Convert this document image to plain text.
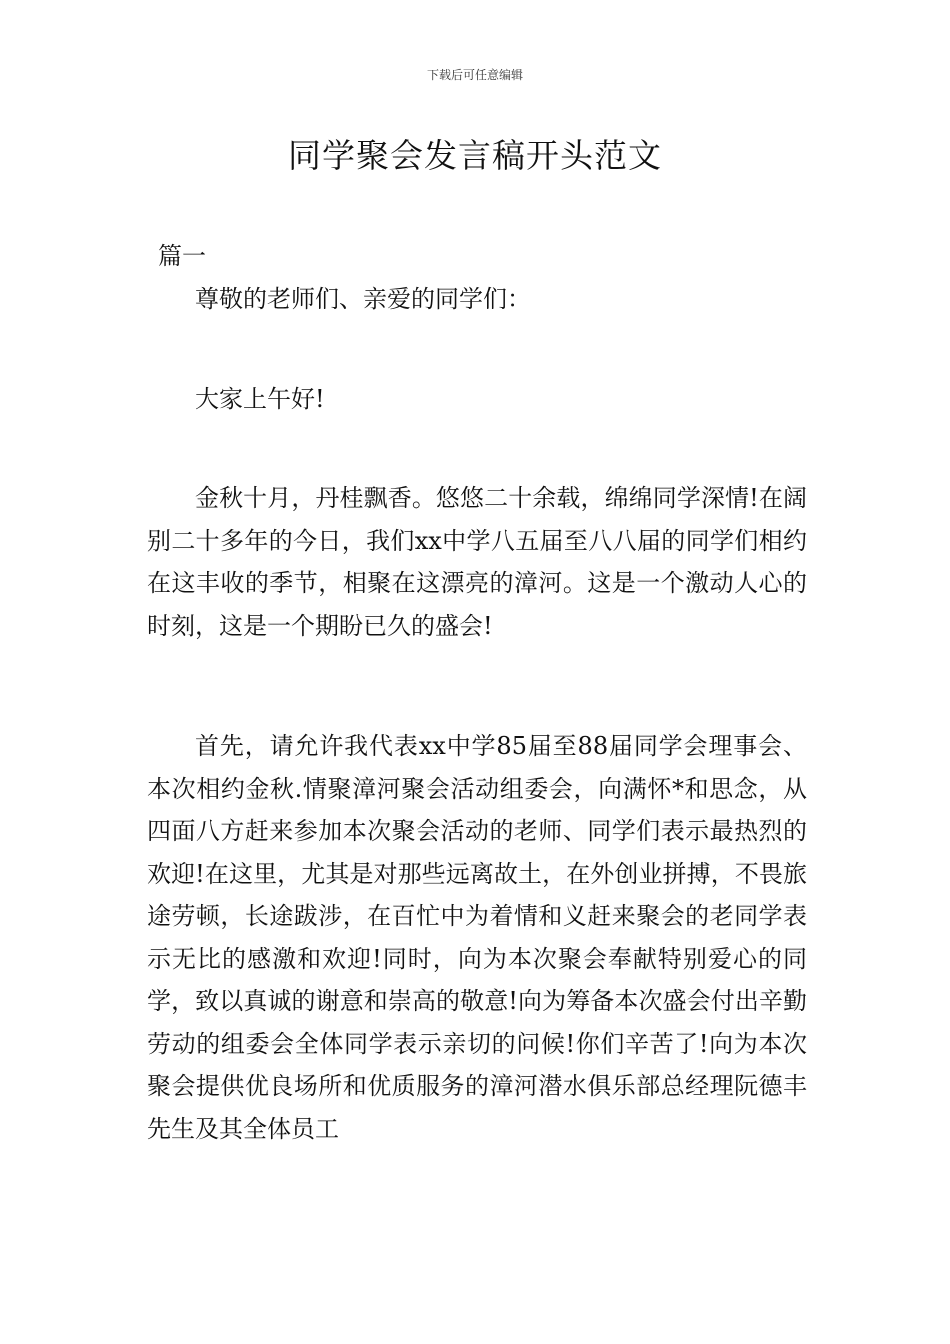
下载后可任意编辑
同学聚会发言稿开头范文
篇一

尊敬的老师们、亲爱的同学们：

大家上午好!

金秋十月，丹桂飘香。悠悠二十余载，绵绵同学深情!在阔别二十多年的今日，我们xx中学八五届至八八届的同学们相约在这丰收的季节，相聚在这漂亮的漳河。这是一个激动人心的时刻，这是一个期盼已久的盛会!

首先，请允许我代表xx中学85届至88届同学会理事会、本次相约金秋.情聚漳河聚会活动组委会，向满怀*和思念，从四面八方赶来参加本次聚会活动的老师、同学们表示最热烈的欢迎!在这里，尤其是对那些远离故土，在外创业拼搏，不畏旅途劳顿，长途跋涉，在百忙中为着情和义赶来聚会的老同学表示无比的感激和欢迎!同时，向为本次聚会奉献特别爱心的同学，致以真诚的谢意和崇高的敬意!向为筹备本次盛会付出辛勤劳动的组委会全体同学表示亲切的问候!你们辛苦了!向为本次聚会提供优良场所和优质服务的漳河潜水俱乐部总经理阮德丰先生及其全体员工
